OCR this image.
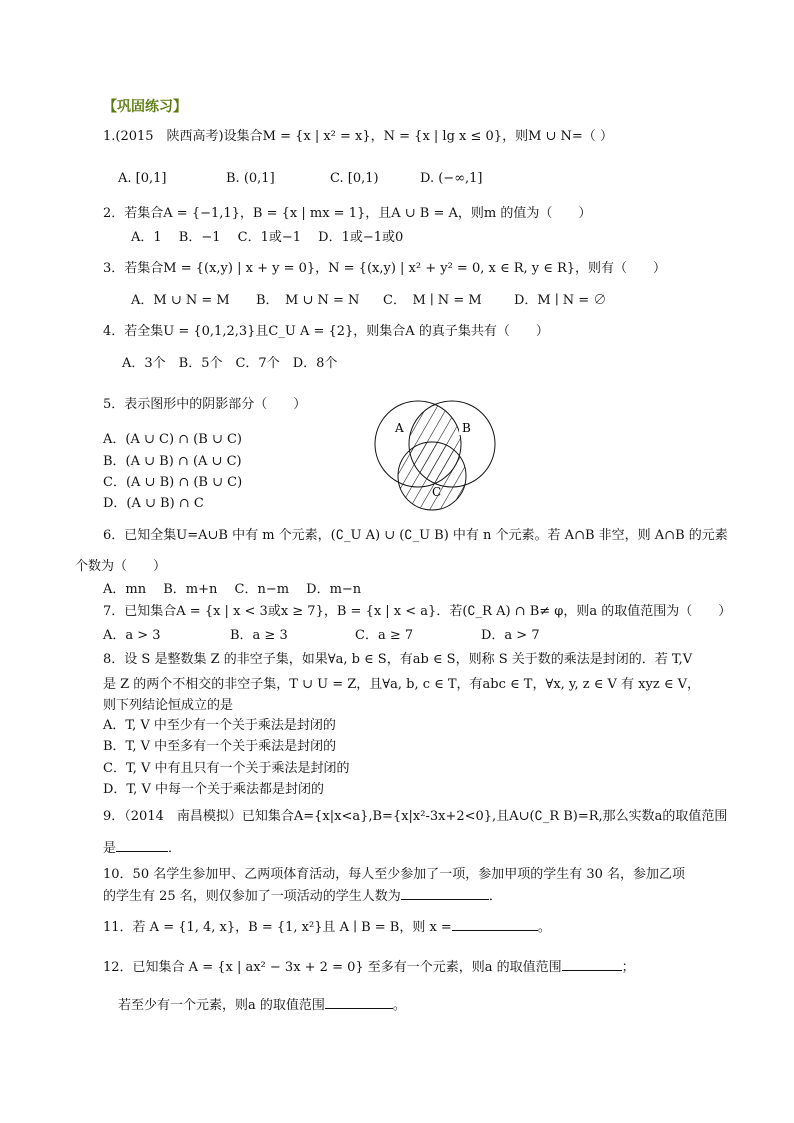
【巩固练习】
1.(2015　陕西高考)设集合M = {x | x² = x}，N = {x | lg x ≤ 0}，则M ∪ N=（ ）
A. [0,1]	B. (0,1]	C. [0,1)	D. (−∞,1]
2．若集合A = {−1,1}，B = {x | mx = 1}，且A ∪ B = A，则m 的值为（　　）
A．1　 B．−1　 C．1或−1　 D．1或−1或0
3．若集合M = {(x,y) | x + y = 0}，N = {(x,y) | x² + y² = 0, x ∈ R, y ∈ R}，则有（　　）
A．M ∪ N = M B．　M ∪ N = N C．　M ∣ N = M D．M ∣ N = ∅
4．若全集U = {0,1,2,3}且C_U A = {2}，则集合A 的真子集共有（　　）
A．3个　B．5个　C．7个　D．8个
5．表示图形中的阴影部分（　　）
A．(A ∪ C) ∩ (B ∪ C)
B．(A ∪ B) ∩ (A ∪ C)
C．(A ∪ B) ∩ (B ∪ C)
D．(A ∪ B) ∩ C
A	B
C
6．已知全集U=A∪B 中有 m 个元素，(∁_U A) ∪ (∁_U B) 中有 n 个元素。若 A∩B 非空，则 A∩B 的元素
个数为（　　）
A．mn　 B．m+n　 C．n−m　 D．m−n
7．已知集合A = {x | x < 3或x ≥ 7}，B = {x | x < a}．若(∁_R A) ∩ B≠ φ，则a 的取值范围为（　　）
A．a > 3	B．a ≥ 3	C．a ≥ 7	D．a > 7
8．设 S 是整数集 Z 的非空子集，如果∀a, b ∈ S，有ab ∈ S，则称 S 关于数的乘法是封闭的．若 T,V
是 Z 的两个不相交的非空子集，T ∪ U = Z，且∀a, b, c ∈ T，有abc ∈ T，∀x, y, z ∈ V 有 xyz ∈ V，
则下列结论恒成立的是
A．T, V 中至少有一个关于乘法是封闭的
B．T, V 中至多有一个关于乘法是封闭的
C．T, V 中有且只有一个关于乘法是封闭的
D．T, V 中每一个关于乘法都是封闭的
9．（2014　南昌模拟）已知集合A={x|x<a},B={x|x²-3x+2<0},且A∪(∁_R B)=R,那么实数a的取值范围
是	．
10．50 名学生参加甲、乙两项体育活动，每人至少参加了一项，参加甲项的学生有 30 名，参加乙项
的学生有 25 名，则仅参加了一项活动的学生人数为	．
11．若 A = {1, 4, x}，B = {1, x²}且 A ∣ B = B，则 x =	。
12．已知集合 A = {x | ax² − 3x + 2 = 0} 至多有一个元素，则a 的取值范围	；
若至少有一个元素，则a 的取值范围	。
